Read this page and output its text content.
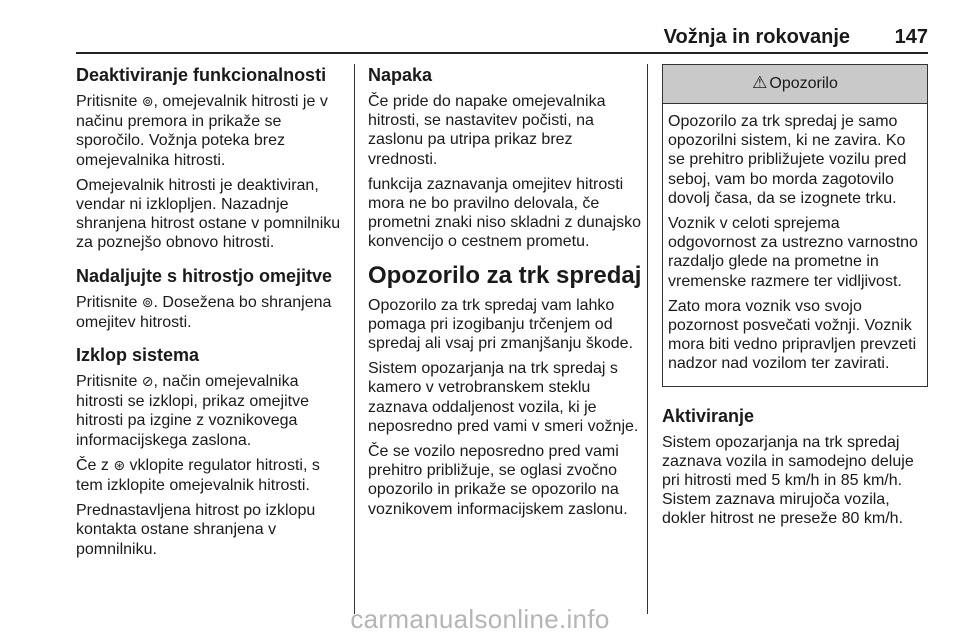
Vožnja in rokovanje	147
Deaktiviranje funkcionalnosti

Pritisnite ⊚, omejevalnik hitrosti je v načinu premora in prikaže se sporočilo. Vožnja poteka brez omejevalnika hitrosti.

Omejevalnik hitrosti je deaktiviran, vendar ni izklopljen. Nazadnje shranjena hitrost ostane v pomnilniku za poznejšo obnovo hitrosti.

Nadaljujte s hitrostjo omejitve

Pritisnite ⊚. Dosežena bo shranjena omejitev hitrosti.

Izklop sistema

Pritisnite ⊘, način omejevalnika hitrosti se izklopi, prikaz omejitve hitrosti pa izgine z voznikovega informacijskega zaslona.

Če z ⊛ vklopite regulator hitrosti, s tem izklopite omejevalnik hitrosti.

Prednastavljena hitrost po izklopu kontakta ostane shranjena v pomnilniku.

Napaka

Če pride do napake omejevalnika hitrosti, se nastavitev počisti, na zaslonu pa utripa prikaz brez vrednosti.

funkcija zaznavanja omejitev hitrosti mora ne bo pravilno delovala, če prometni znaki niso skladni z dunajsko konvencijo o cestnem prometu.

Opozorilo za trk spredaj

Opozorilo za trk spredaj vam lahko pomaga pri izogibanju trčenjem od spredaj ali vsaj pri zmanjšanju škode.

Sistem opozarjanja na trk spredaj s kamero v vetrobranskem steklu zaznava oddaljenost vozila, ki je neposredno pred vami v smeri vožnje.

Če se vozilo neposredno pred vami prehitro približuje, se oglasi zvočno opozorilo in prikaže se opozorilo na voznikovem informacijskem zaslonu.

⚠ Opozorilo

Opozorilo za trk spredaj je samo opozorilni sistem, ki ne zavira. Ko se prehitro približujete vozilu pred seboj, vam bo morda zagotovilo dovolj časa, da se izognete trku.

Voznik v celoti sprejema odgovornost za ustrezno varnostno razdaljo glede na prometne in vremenske razmere ter vidljivost.

Zato mora voznik vso svojo pozornost posvečati vožnji. Voznik mora biti vedno pripravljen prevzeti nadzor nad vozilom ter zavirati.

Aktiviranje

Sistem opozarjanja na trk spredaj zaznava vozila in samodejno deluje pri hitrosti med 5 km/h in 85 km/h. Sistem zaznava mirujoča vozila, dokler hitrost ne preseže 80 km/h.

carmanualsonline.info
